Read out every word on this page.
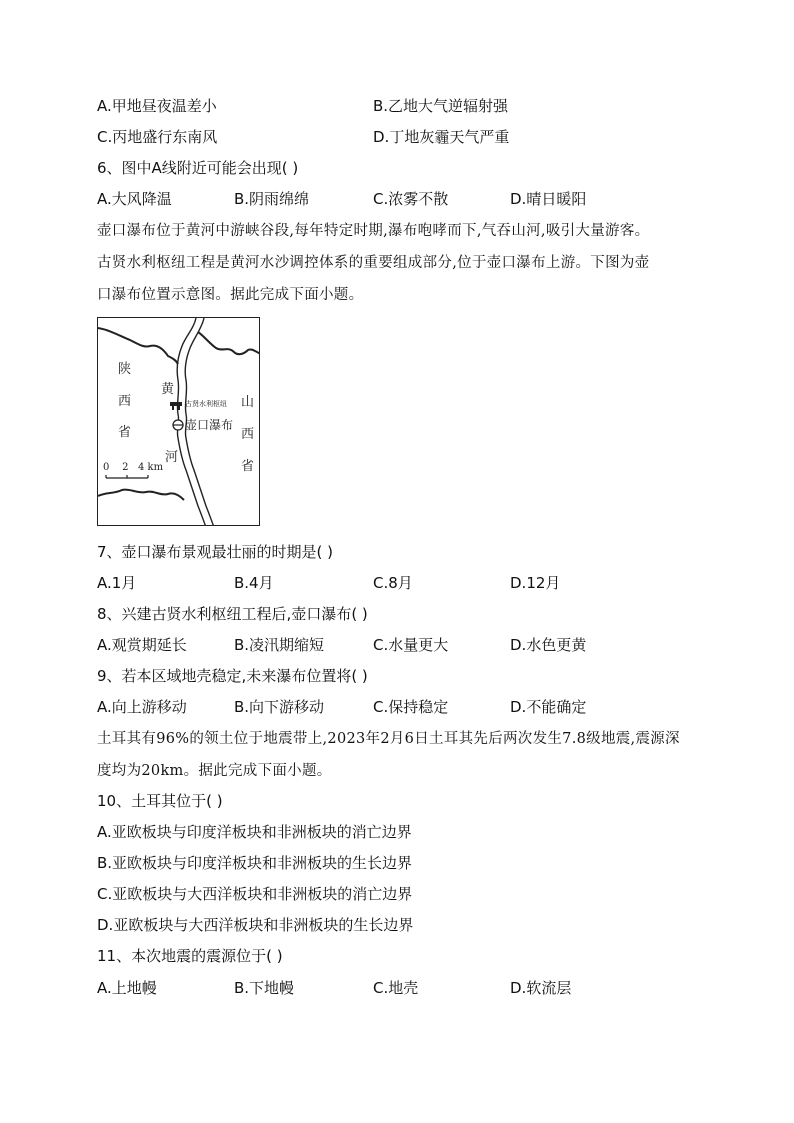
A.甲地昼夜温差小	B.乙地大气逆辐射强
C.丙地盛行东南风	D.丁地灰霾天气严重
6、图中A线附近可能会出现( )
A.大风降温	B.阴雨绵绵	C.浓雾不散	D.晴日暖阳
壶口瀑布位于黄河中游峡谷段,每年特定时期,瀑布咆哮而下,气吞山河,吸引大量游客。
古贤水利枢纽工程是黄河水沙调控体系的重要组成部分,位于壶口瀑布上游。下图为壶
口瀑布位置示意图。据此完成下面小题。
陕
西
省
山
西
省
黄
河
古贤水利枢纽
壶口瀑布
0    2   4 km
7、壶口瀑布景观最壮丽的时期是( )
A.1月	B.4月	C.8月	D.12月
8、兴建古贤水利枢纽工程后,壶口瀑布( )
A.观赏期延长	B.凌汛期缩短	C.水量更大	D.水色更黄
9、若本区域地壳稳定,未来瀑布位置将( )
A.向上游移动	B.向下游移动	C.保持稳定	D.不能确定
土耳其有96%的领土位于地震带上,2023年2月6日土耳其先后两次发生7.8级地震,震源深
度均为20km。据此完成下面小题。
10、土耳其位于( )
A.亚欧板块与印度洋板块和非洲板块的消亡边界
B.亚欧板块与印度洋板块和非洲板块的生长边界
C.亚欧板块与大西洋板块和非洲板块的消亡边界
D.亚欧板块与大西洋板块和非洲板块的生长边界
11、本次地震的震源位于( )
A.上地幔	B.下地幔	C.地壳	D.软流层
